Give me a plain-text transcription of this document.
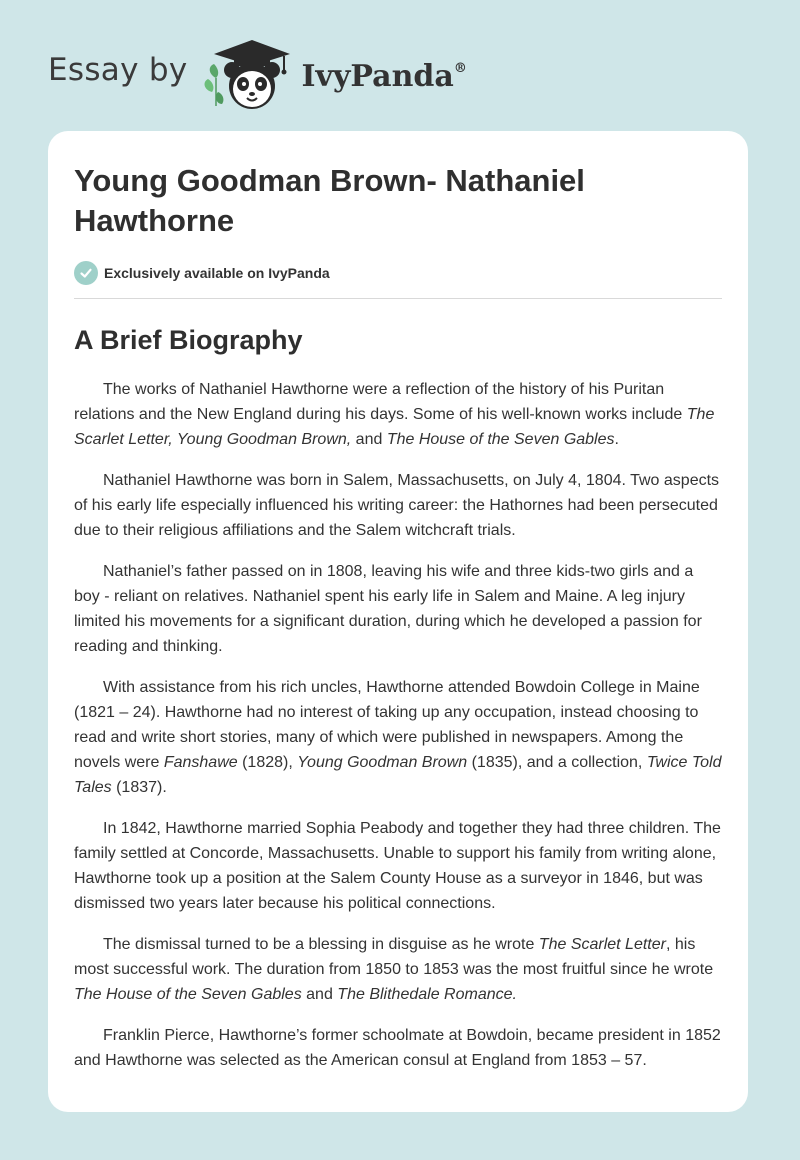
Essay by	IvyPanda®
Young Goodman Brown- Nathaniel Hawthorne
Exclusively available on IvyPanda
A Brief Biography

The works of Nathaniel Hawthorne were a reflection of the history of his Puritan relations and the New England during his days. Some of his well-known works include The Scarlet Letter, Young Goodman Brown, and The House of the Seven Gables.

Nathaniel Hawthorne was born in Salem, Massachusetts, on July 4, 1804. Two aspects of his early life especially influenced his writing career: the Hathornes had been persecuted due to their religious affiliations and the Salem witchcraft trials.

Nathaniel’s father passed on in 1808, leaving his wife and three kids-two girls and a boy - reliant on relatives. Nathaniel spent his early life in Salem and Maine. A leg injury limited his movements for a significant duration, during which he developed a passion for reading and thinking.

With assistance from his rich uncles, Hawthorne attended Bowdoin College in Maine (1821 – 24). Hawthorne had no interest of taking up any occupation, instead choosing to read and write short stories, many of which were published in newspapers. Among the novels were Fanshawe (1828), Young Goodman Brown (1835), and a collection, Twice Told Tales (1837).

In 1842, Hawthorne married Sophia Peabody and together they had three children. The family settled at Concorde, Massachusetts. Unable to support his family from writing alone, Hawthorne took up a position at the Salem County House as a surveyor in 1846, but was dismissed two years later because his political connections.

The dismissal turned to be a blessing in disguise as he wrote The Scarlet Letter, his most successful work. The duration from 1850 to 1853 was the most fruitful since he wrote The House of the Seven Gables and The Blithedale Romance.

Franklin Pierce, Hawthorne’s former schoolmate at Bowdoin, became president in 1852 and Hawthorne was selected as the American consul at England from 1853 – 57.
